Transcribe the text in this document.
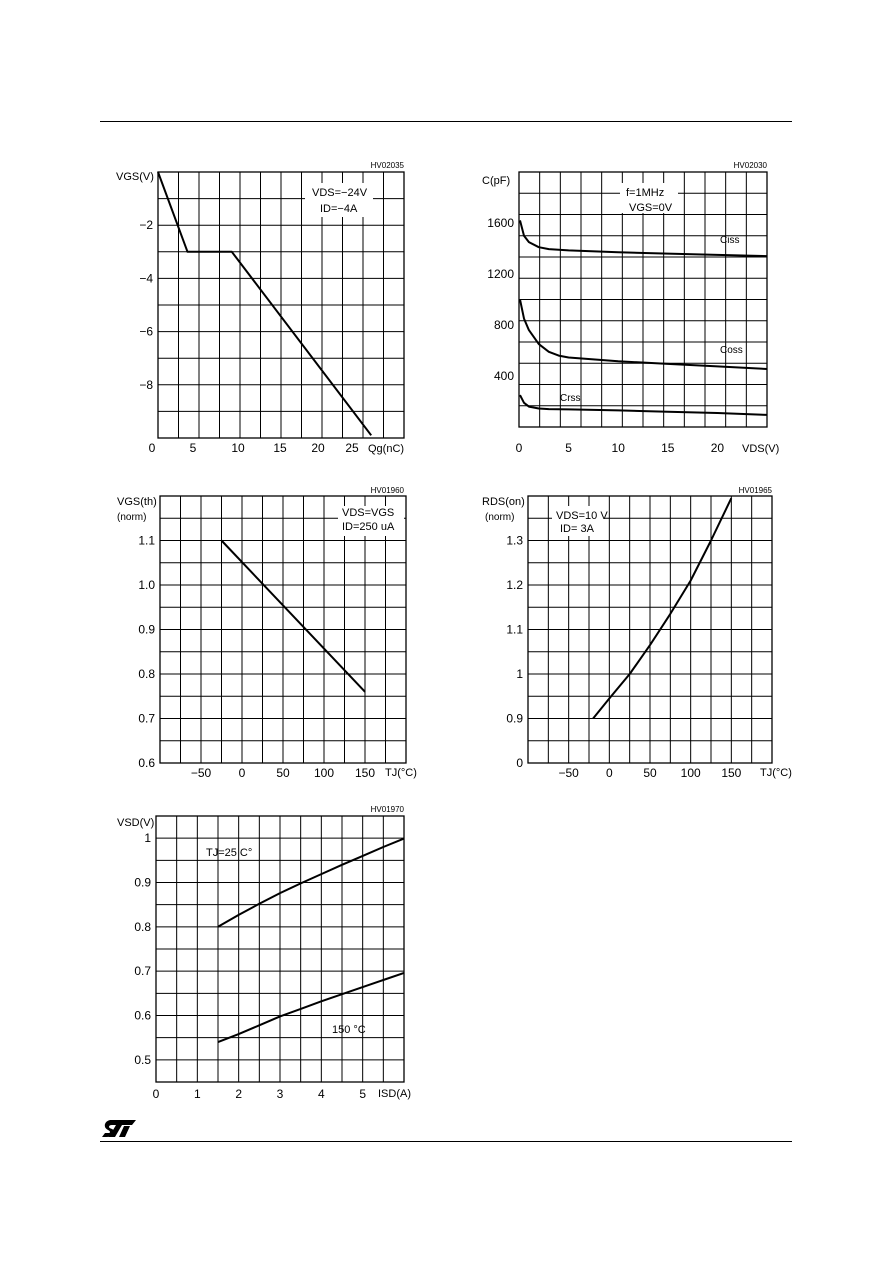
0	5	10 15 20 25
−2
−4
−6
−8
HV02035
VGS(V)
Qg(nC)
VDS=−24V
ID=−4A
0	5	10	15	20
400
800
1200
1600
HV02030
C(pF)
VDS(V)
f=1MHz
VGS=0V
Ciss
Coss
Crss
−50 0	50 100 150
0.6
0.7
0.8
0.9
1.0
1.1
HV01960
VGS(th)
(norm)
TJ(°C)
VDS=VGS
ID=250 uA
−50 0	50 100 150
0
0.9
1
1.1
1.2
1.3
HV01965
RDS(on)
(norm)
TJ(°C)
VDS=10 V
ID= 3A
0	1	2	3	4	5
0.5
0.6
0.7
0.8
0.9
1
HV01970
VSD(V)
ISD(A)
TJ=25 C°
150 °C
